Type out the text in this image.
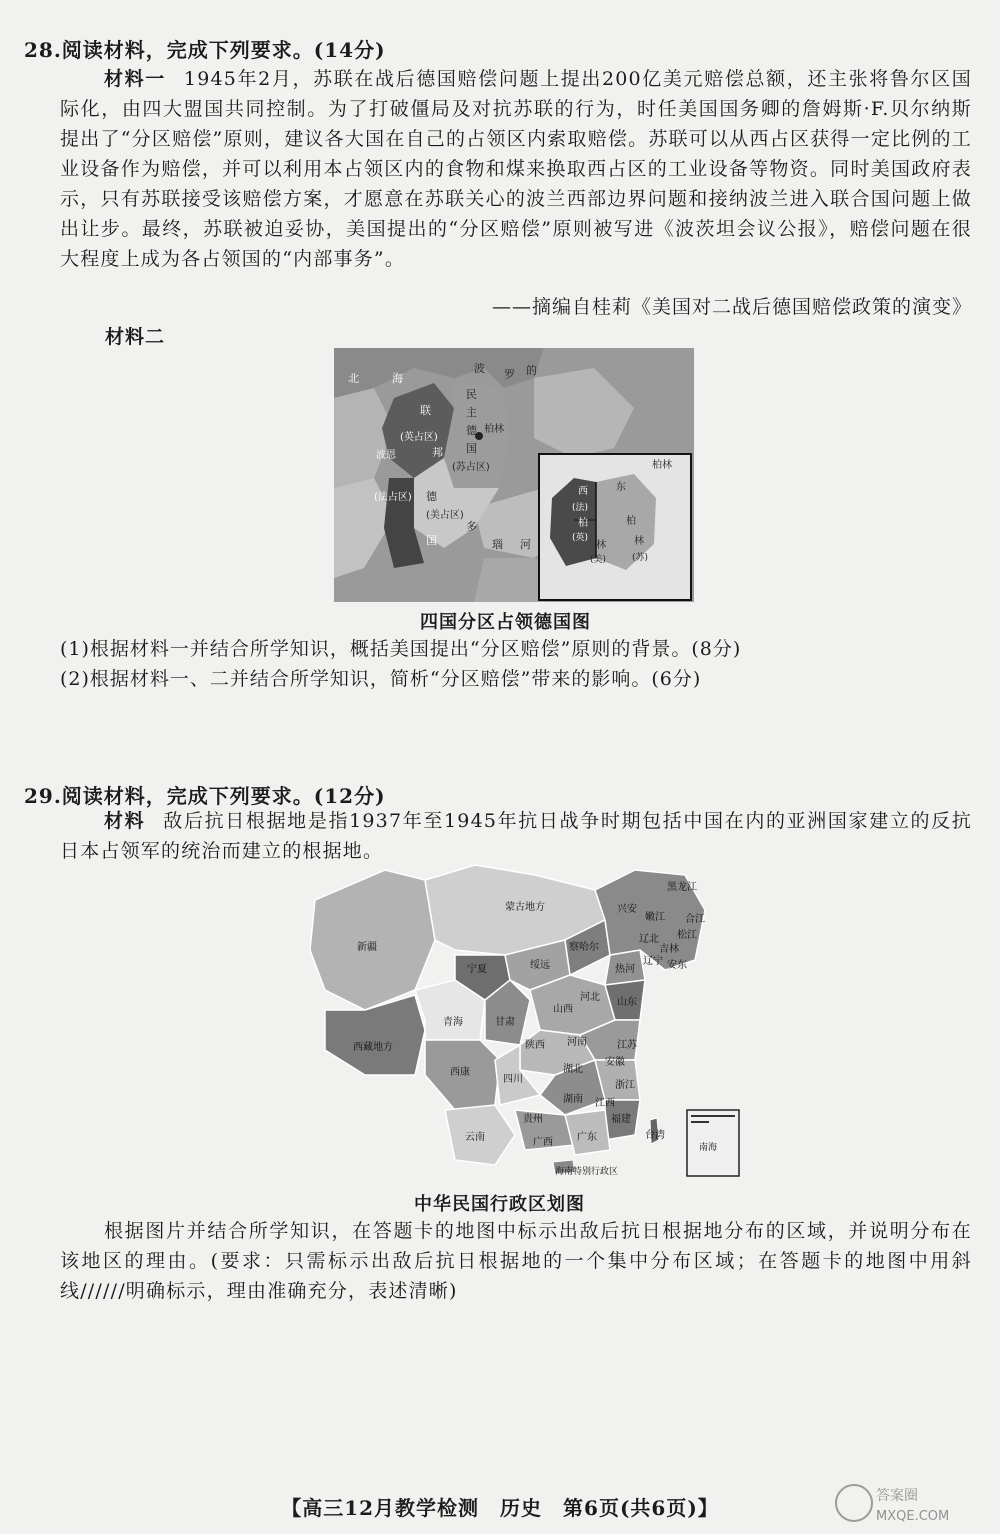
28.阅读材料，完成下列要求。(14分)
材料一 1945年2月，苏联在战后德国赔偿问题上提出200亿美元赔偿总额，还主张将鲁尔区国际化，由四大盟国共同控制。为了打破僵局及对抗苏联的行为，时任美国国务卿的詹姆斯·F.贝尔纳斯提出了“分区赔偿”原则，建议各大国在自己的占领区内索取赔偿。苏联可以从西占区获得一定比例的工业设备作为赔偿，并可以利用本占领区内的食物和煤来换取西占区的工业设备等物资。同时美国政府表示，只有苏联接受该赔偿方案，才愿意在苏联关心的波兰西部边界问题和接纳波兰进入联合国问题上做出让步。最终，苏联被迫妥协，美国提出的“分区赔偿”原则被写进《波茨坦会议公报》，赔偿问题在很大程度上成为各占领国的“内部事务”。
——摘编自桂莉《美国对二战后德国赔偿政策的演变》
材料二
北	海
波 罗 的
联
(英占区)
邦
波恩
民
主
德
国
(苏占区)
柏林
(法占区) 德
(美占区)
多
瑙 河
国
柏林
西
(法)
柏
(英)
林
(美)
东
柏
林
(苏)
四国分区占领德国图
(1)根据材料一并结合所学知识，概括美国提出“分区赔偿”原则的背景。(8分)
(2)根据材料一、二并结合所学知识，简析“分区赔偿”带来的影响。(6分)
29.阅读材料，完成下列要求。(12分)
材料 敌后抗日根据地是指1937年至1945年抗日战争时期包括中国在内的亚洲国家建立的反抗日本占领军的统治而建立的根据地。
新疆
蒙古地方
西藏地方
青海
西康
云南
宁夏
甘肃
绥远
察哈尔
热河
兴安
黑龙江
合江
嫩江
松江
吉林
辽北
辽宁 安东
河北
山西
山东
陕西 河南	江苏
安徽
四川
湖北
浙江
贵州
湖南 江西
福建
广西 广东	台湾
海南特别行政区
南海
中华民国行政区划图
根据图片并结合所学知识，在答题卡的地图中标示出敌后抗日根据地分布的区域，并说明分布在该地区的理由。(要求：只需标示出敌后抗日根据地的一个集中分布区域；在答题卡的地图中用斜线//////明确标示，理由准确充分，表述清晰)
【高三12月教学检测　历史　第6页(共6页)】	答案圈
MXQE.COM
